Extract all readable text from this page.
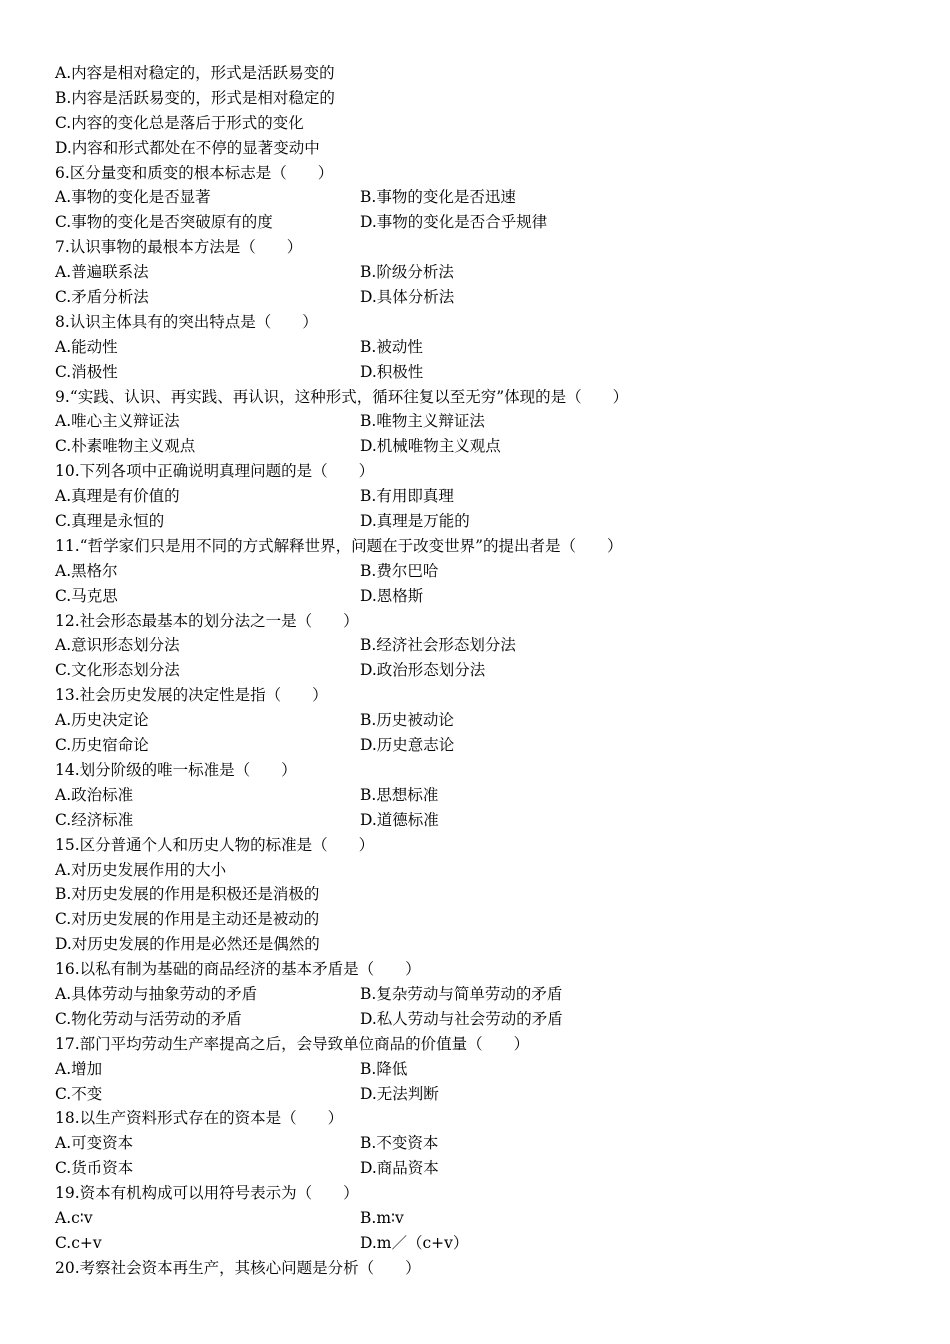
A.内容是相对稳定的，形式是活跃易变的
B.内容是活跃易变的，形式是相对稳定的
C.内容的变化总是落后于形式的变化
D.内容和形式都处在不停的显著变动中
6.区分量变和质变的根本标志是（　　）
A.事物的变化是否显著	B.事物的变化是否迅速
C.事物的变化是否突破原有的度	D.事物的变化是否合乎规律
7.认识事物的最根本方法是（　　）
A.普遍联系法	B.阶级分析法
C.矛盾分析法	D.具体分析法
8.认识主体具有的突出特点是（　　）
A.能动性	B.被动性
C.消极性	D.积极性
9.“实践、认识、再实践、再认识，这种形式，循环往复以至无穷”体现的是（　　）
A.唯心主义辩证法	B.唯物主义辩证法
C.朴素唯物主义观点	D.机械唯物主义观点
10.下列各项中正确说明真理问题的是（　　）
A.真理是有价值的	B.有用即真理
C.真理是永恒的	D.真理是万能的
11.“哲学家们只是用不同的方式解释世界，问题在于改变世界”的提出者是（　　）
A.黑格尔	B.费尔巴哈
C.马克思	D.恩格斯
12.社会形态最基本的划分法之一是（　　）
A.意识形态划分法	B.经济社会形态划分法
C.文化形态划分法	D.政治形态划分法
13.社会历史发展的决定性是指（　　）
A.历史决定论	B.历史被动论
C.历史宿命论	D.历史意志论
14.划分阶级的唯一标准是（　　）
A.政治标准	B.思想标准
C.经济标准	D.道德标准
15.区分普通个人和历史人物的标准是（　　）
A.对历史发展作用的大小
B.对历史发展的作用是积极还是消极的
C.对历史发展的作用是主动还是被动的
D.对历史发展的作用是必然还是偶然的
16.以私有制为基础的商品经济的基本矛盾是（　　）
A.具体劳动与抽象劳动的矛盾	B.复杂劳动与简单劳动的矛盾
C.物化劳动与活劳动的矛盾	D.私人劳动与社会劳动的矛盾
17.部门平均劳动生产率提高之后，会导致单位商品的价值量（　　）
A.增加	B.降低
C.不变	D.无法判断
18.以生产资料形式存在的资本是（　　）
A.可变资本	B.不变资本
C.货币资本	D.商品资本
19.资本有机构成可以用符号表示为（　　）
A.c∶v	B.m∶v
C.c+v	D.m／（c+v）
20.考察社会资本再生产，其核心问题是分析（　　）
